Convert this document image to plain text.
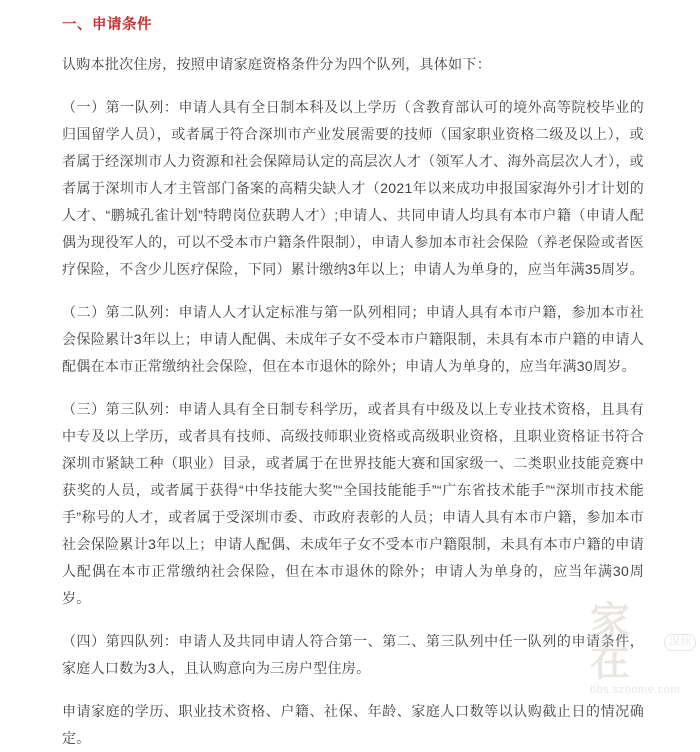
一、申请条件

认购本批次住房，按照申请家庭资格条件分为四个队列，具体如下：

（一）第一队列：申请人具有全日制本科及以上学历（含教育部认可的境外高等院校毕业的归国留学人员），或者属于符合深圳市产业发展需要的技师（国家职业资格二级及以上），或者属于经深圳市人力资源和社会保障局认定的高层次人才（领军人才、海外高层次人才），或者属于深圳市人才主管部门备案的高精尖缺人才（2021年以来成功申报国家海外引才计划的人才、“鹏城孔雀计划”特聘岗位获聘人才）;申请人、共同申请人均具有本市户籍（申请人配偶为现役军人的，可以不受本市户籍条件限制），申请人参加本市社会保险（养老保险或者医疗保险，不含少儿医疗保险，下同）累计缴纳3年以上；申请人为单身的，应当年满35周岁。

（二）第二队列：申请人人才认定标准与第一队列相同；申请人具有本市户籍，参加本市社会保险累计3年以上；申请人配偶、未成年子女不受本市户籍限制，未具有本市户籍的申请人配偶在本市正常缴纳社会保险，但在本市退休的除外；申请人为单身的，应当年满30周岁。

（三）第三队列：申请人具有全日制专科学历，或者具有中级及以上专业技术资格，且具有中专及以上学历，或者具有技师、高级技师职业资格或高级职业资格，且职业资格证书符合深圳市紧缺工种（职业）目录，或者属于在世界技能大赛和国家级一、二类职业技能竞赛中获奖的人员，或者属于获得“中华技能大奖”“全国技能能手”“广东省技术能手”“深圳市技术能手”称号的人才，或者属于受深圳市委、市政府表彰的人员；申请人具有本市户籍，参加本市社会保险累计3年以上；申请人配偶、未成年子女不受本市户籍限制，未具有本市户籍的申请人配偶在本市正常缴纳社会保险，但在本市退休的除外；申请人为单身的，应当年满30周岁。

（四）第四队列：申请人及共同申请人符合第一、第二、第三队列中任一队列的申请条件，家庭人口数为3人，且认购意向为三房户型住房。

申请家庭的学历、职业技术资格、户籍、社保、年龄、家庭人口数等以认购截止日的情况确定。

家在	深圳
bbs.szhome.com
